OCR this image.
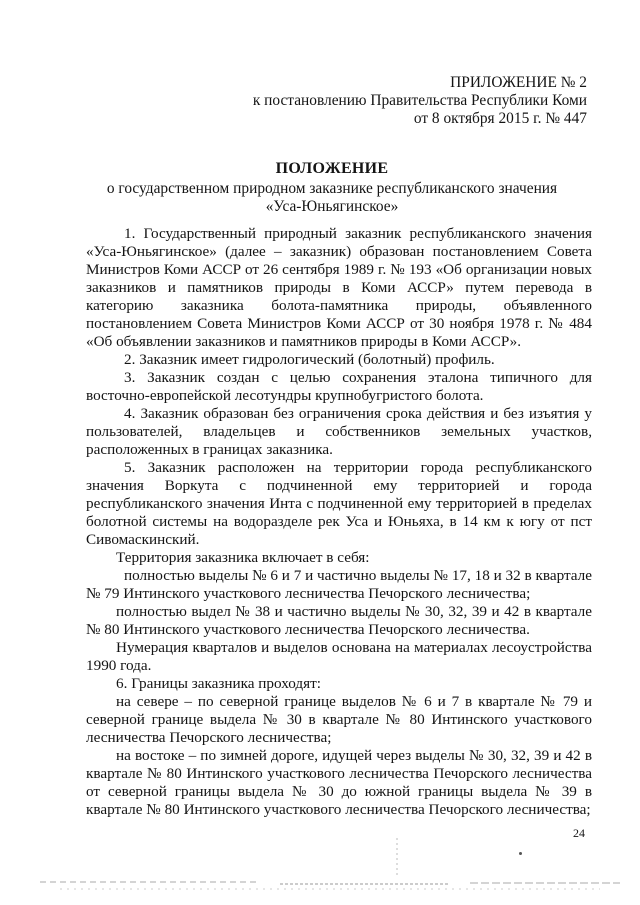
ПРИЛОЖЕНИЕ № 2
к постановлению Правительства Республики Коми
от 8 октября 2015 г. № 447
ПОЛОЖЕНИЕ
о государственном природном заказнике республиканского значения
«Уса-Юньягинское»

1. Государственный природный заказник республиканского значения «Уса-Юньягинское» (далее – заказник) образован постановлением Совета Министров Коми АССР от 26 сентября 1989 г. № 193 «Об организации новых заказников и памятников природы в Коми АССР» путем перевода в категорию заказника болота-памятника природы, объявленного постановлением Совета Министров Коми АССР от 30 ноября 1978 г. № 484 «Об объявлении заказников и памятников природы в Коми АССР».

2. Заказник имеет гидрологический (болотный) профиль.

3. Заказник создан с целью сохранения эталона типичного для восточно-европейской лесотундры крупнобугристого болота.

4. Заказник образован без ограничения срока действия и без изъятия у пользователей, владельцев и собственников земельных участков, расположенных в границах заказника.

5. Заказник расположен на территории города республиканского значения Воркута с подчиненной ему территорией и города республиканского значения Инта с подчиненной ему территорией в пределах болотной системы на водоразделе рек Уса и Юньяха, в 14 км к югу от пст Сивомаскинский.

Территория заказника включает в себя:

полностью выделы № 6 и 7 и частично выделы № 17, 18 и 32 в квартале № 79 Интинского участкового лесничества Печорского лесничества;

полностью выдел № 38 и частично выделы № 30, 32, 39 и 42 в квартале № 80 Интинского участкового лесничества Печорского лесничества.

Нумерация кварталов и выделов основана на материалах лесоустройства 1990 года.

6. Границы заказника проходят:

на севере – по северной границе выделов № 6 и 7 в квартале № 79 и северной границе выдела № 30 в квартале № 80 Интинского участкового лесничества Печорского лесничества;

на востоке – по зимней дороге, идущей через выделы № 30, 32, 39 и 42 в квартале № 80 Интинского участкового лесничества Печорского лесничества от северной границы выдела № 30 до южной границы выдела № 39 в квартале № 80 Интинского участкового лесничества Печорского лесничества;

24
